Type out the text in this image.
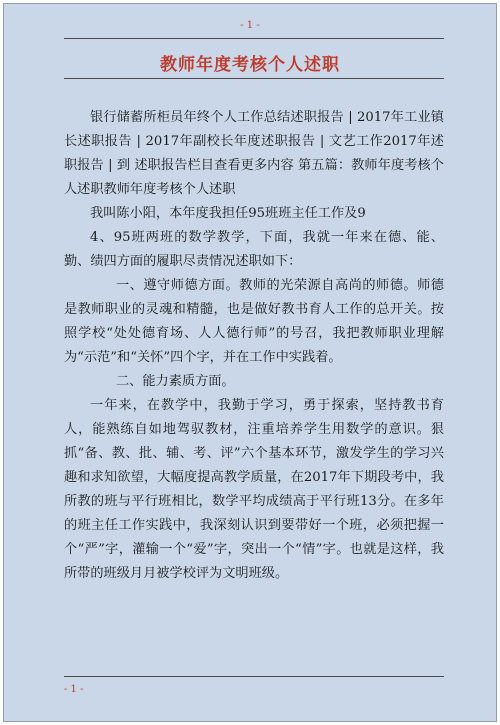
- 1 -
教师年度考核个人述职

银行储蓄所柜员年终个人工作总结述职报告 | 2017年工业镇长述职报告 | 2017年副校长年度述职报告 | 文艺工作2017年述职报告 | 到 述职报告栏目查看更多内容 第五篇：教师年度考核个人述职教师年度考核个人述职

我叫陈小阳，本年度我担任95班班主任工作及9

4、95班两班的数学教学，下面，我就一年来在德、能、勤、绩四方面的履职尽责情况述职如下：

一、遵守师德方面。教师的光荣源自高尚的师德。师德是教师职业的灵魂和精髓，也是做好教书育人工作的总开关。按照学校“处处德育场、人人德行师”的号召，我把教师职业理解为“示范”和“关怀”四个字，并在工作中实践着。

二、能力素质方面。

一年来，在教学中，我勤于学习，勇于探索，坚持教书育人，能熟练自如地驾驭教材，注重培养学生用数学的意识。狠抓“备、教、批、辅、考、评”六个基本环节，激发学生的学习兴趣和求知欲望，大幅度提高教学质量，在2017年下期段考中，我所教的班与平行班相比，数学平均成绩高于平行班13分。在多年的班主任工作实践中，我深刻认识到要带好一个班，必须把握一个“严”字，灌输一个“爱”字，突出一个“情”字。也就是这样，我所带的班级月月被学校评为文明班级。

- 1 -
